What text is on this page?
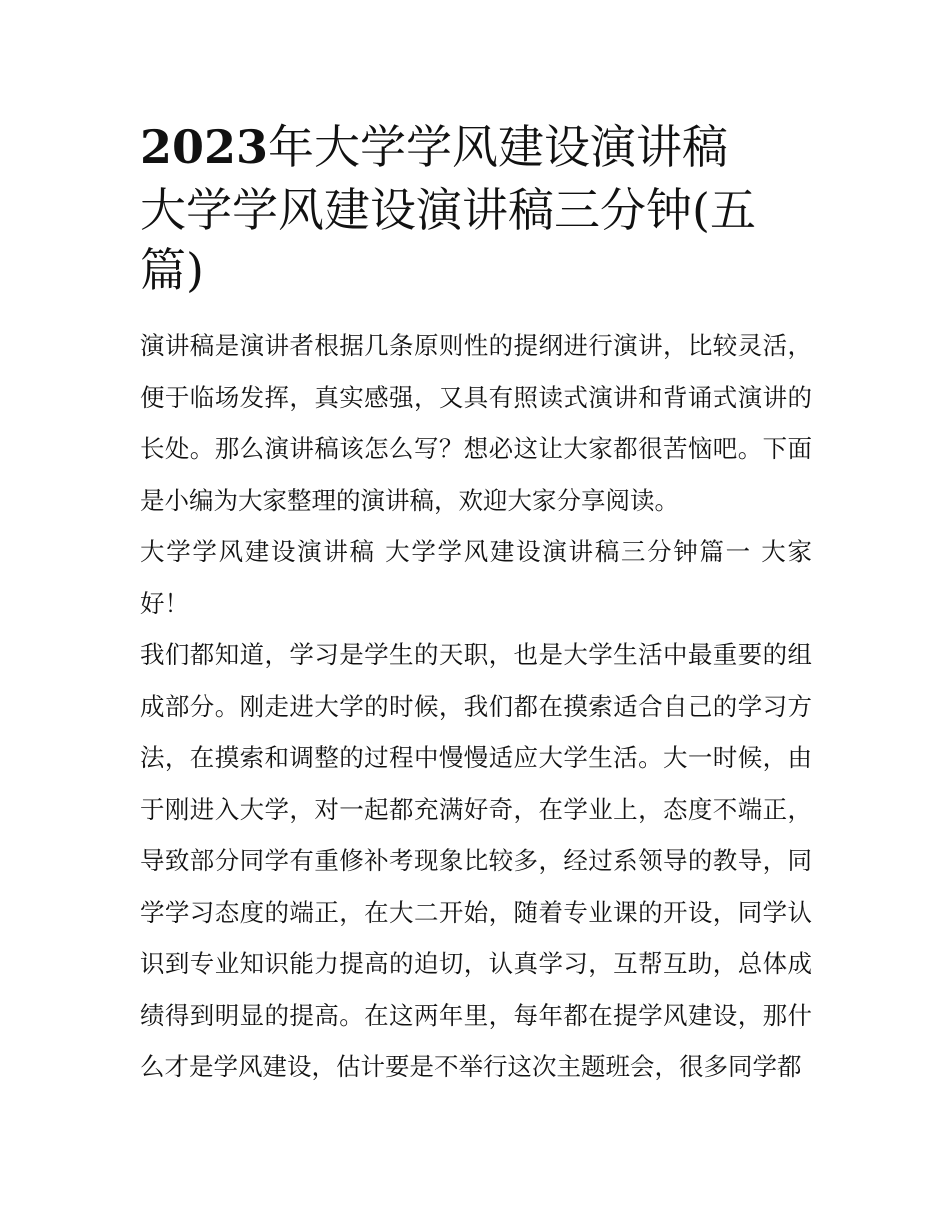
2023年大学学风建设演讲稿
大学学风建设演讲稿三分钟(五篇)

演讲稿是演讲者根据几条原则性的提纲进行演讲，比较灵活，便于临场发挥，真实感强，又具有照读式演讲和背诵式演讲的长处。那么演讲稿该怎么写？想必这让大家都很苦恼吧。下面是小编为大家整理的演讲稿，欢迎大家分享阅读。

大学学风建设演讲稿 大学学风建设演讲稿三分钟篇一 大家好！

我们都知道，学习是学生的天职，也是大学生活中最重要的组成部分。刚走进大学的时候，我们都在摸索适合自己的学习方法，在摸索和调整的过程中慢慢适应大学生活。大一时候，由于刚进入大学，对一起都充满好奇，在学业上，态度不端正，导致部分同学有重修补考现象比较多，经过系领导的教导，同学学习态度的端正，在大二开始，随着专业课的开设，同学认识到专业知识能力提高的迫切，认真学习，互帮互助，总体成绩得到明显的提高。在这两年里，每年都在提学风建设，那什么才是学风建设，估计要是不举行这次主题班会，很多同学都
